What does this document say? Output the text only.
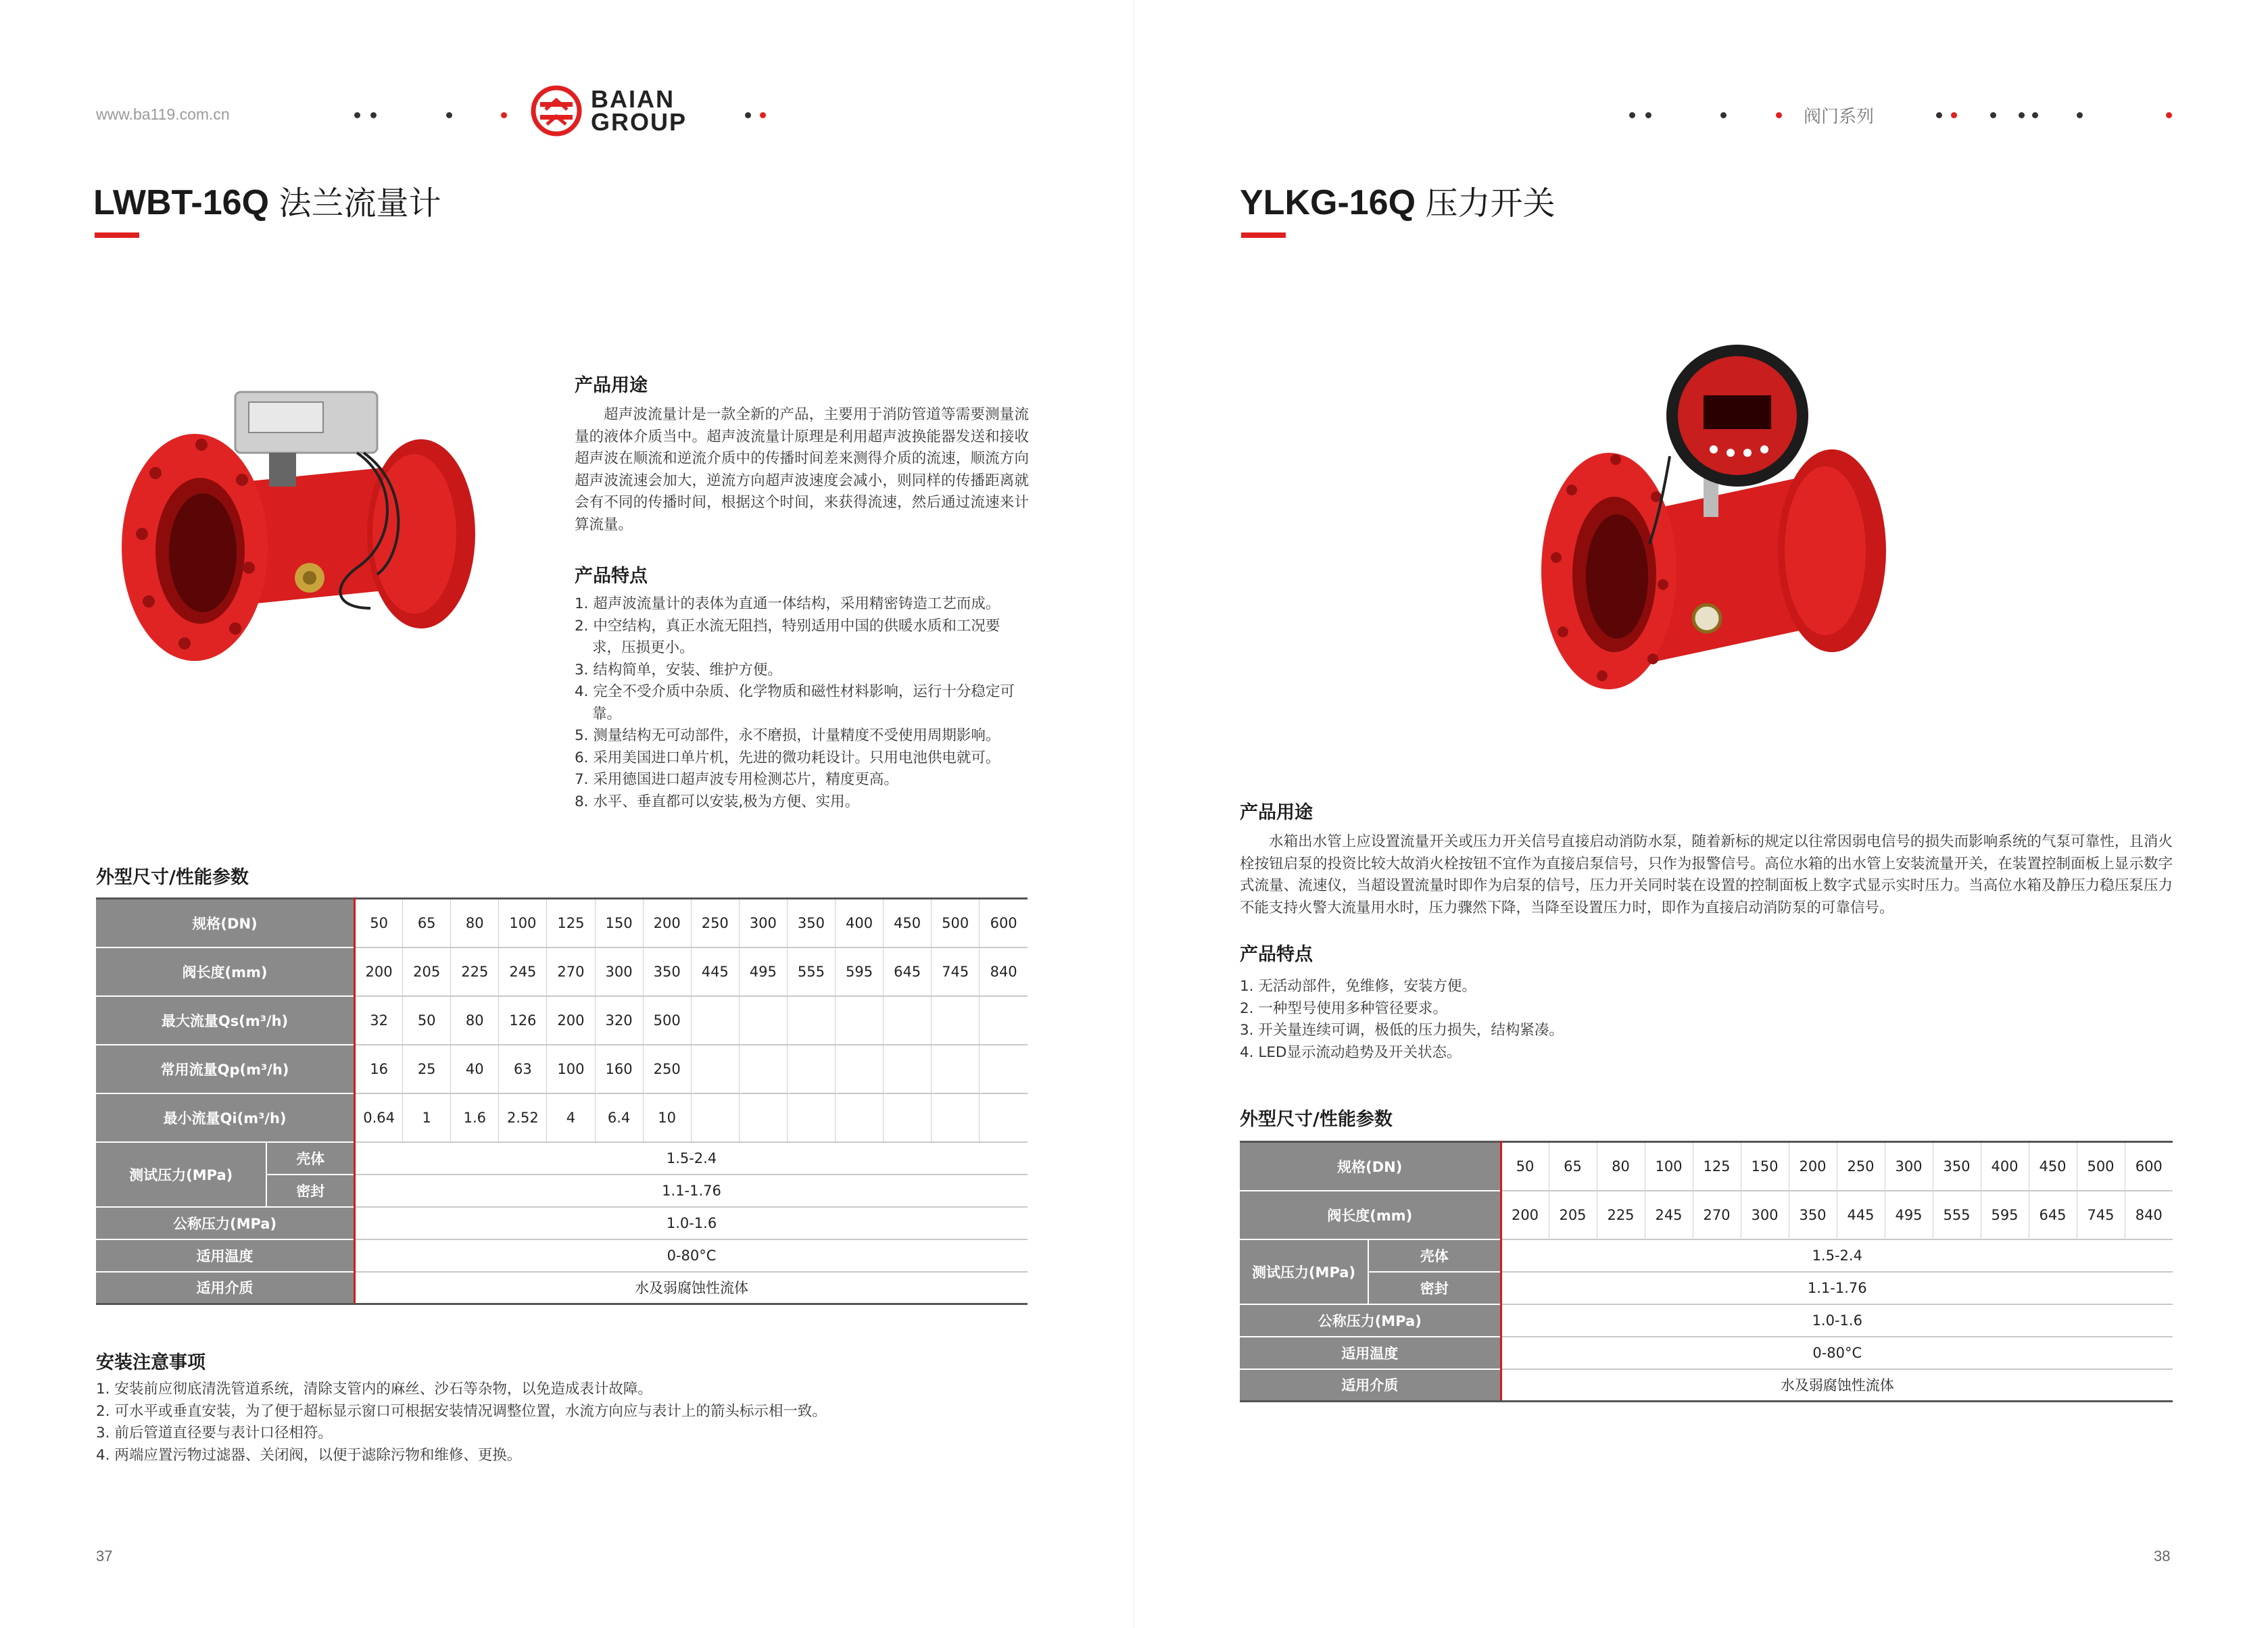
www.ba119.com.cn
BAIAN
GROUP	阀门系列
LWBT-16Q 法兰流量计
产品用途
超声波流量计是一款全新的产品，主要用于消防管道等需要测量流量的液体介质当中。超声波流量计原理是利用超声波换能器发送和接收超声波在顺流和逆流介质中的传播时间差来测得介质的流速，顺流方向超声波流速会加大，逆流方向超声波速度会减小，则同样的传播距离就会有不同的传播时间，根据这个时间，来获得流速，然后通过流速来计算流量。
产品特点
1. 超声波流量计的表体为直通一体结构，采用精密铸造工艺而成。
2. 中空结构，真正水流无阻挡，特别适用中国的供暖水质和工况要求，压损更小。
3. 结构简单，安装、维护方便。
4. 完全不受介质中杂质、化学物质和磁性材料影响，运行十分稳定可靠。
5. 测量结构无可动部件，永不磨损，计量精度不受使用周期影响。
6. 采用美国进口单片机，先进的微功耗设计。只用电池供电就可。
7. 采用德国进口超声波专用检测芯片，精度更高。
8. 水平、垂直都可以安装,极为方便、实用。
外型尺寸/性能参数
规格(DN)		50	65	80	100	125	150	200	250	300	350	400	450	500	600
阀长度(mm)		200	205	225	245	270	300	350	445	495	555	595	645	745	840
最大流量Qs(m³/h)		32	50	80	126	200	320	500							
常用流量Qp(m³/h)		16	25	40	63	100	160	250							
最小流量Qi(m³/h)		0.64	1	1.6	2.52	4	6.4	10							
测试压力(MPa)	壳体	1.5-2.4													
	密封	1.1-1.76													
公称压力(MPa)		1.0-1.6													
适用温度		0-80°C													
适用介质		水及弱腐蚀性流体													
安装注意事项
1. 安装前应彻底清洗管道系统，清除支管内的麻丝、沙石等杂物，以免造成表计故障。
2. 可水平或垂直安装，为了便于超标显示窗口可根据安装情况调整位置，水流方向应与表计上的箭头标示相一致。
3. 前后管道直径要与表计口径相符。
4. 两端应置污物过滤器、关闭阀，以便于滤除污物和维修、更换。
37
YLKG-16Q 压力开关
产品用途
水箱出水管上应设置流量开关或压力开关信号直接启动消防水泵，随着新标的规定以往常因弱电信号的损失而影响系统的气泵可靠性，且消火栓按钮启泵的投资比较大故消火栓按钮不宜作为直接启泵信号，只作为报警信号。高位水箱的出水管上安装流量开关，在装置控制面板上显示数字式流量、流速仪，当超设置流量时即作为启泵的信号，压力开关同时装在设置的控制面板上数字式显示实时压力。当高位水箱及静压力稳压泵压力不能支持火警大流量用水时，压力骤然下降，当降至设置压力时，即作为直接启动消防泵的可靠信号。
产品特点
1. 无活动部件，免维修，安装方便。
2. 一种型号使用多种管径要求。
3. 开关量连续可调，极低的压力损失，结构紧凑。
4. LED显示流动趋势及开关状态。
外型尺寸/性能参数
规格(DN)		50	65	80	100	125	150	200	250	300	350	400	450	500	600
阀长度(mm)		200	205	225	245	270	300	350	445	495	555	595	645	745	840
测试压力(MPa)	壳体	1.5-2.4													
	密封	1.1-1.76													
公称压力(MPa)		1.0-1.6													
适用温度		0-80°C													
适用介质		水及弱腐蚀性流体													
38
